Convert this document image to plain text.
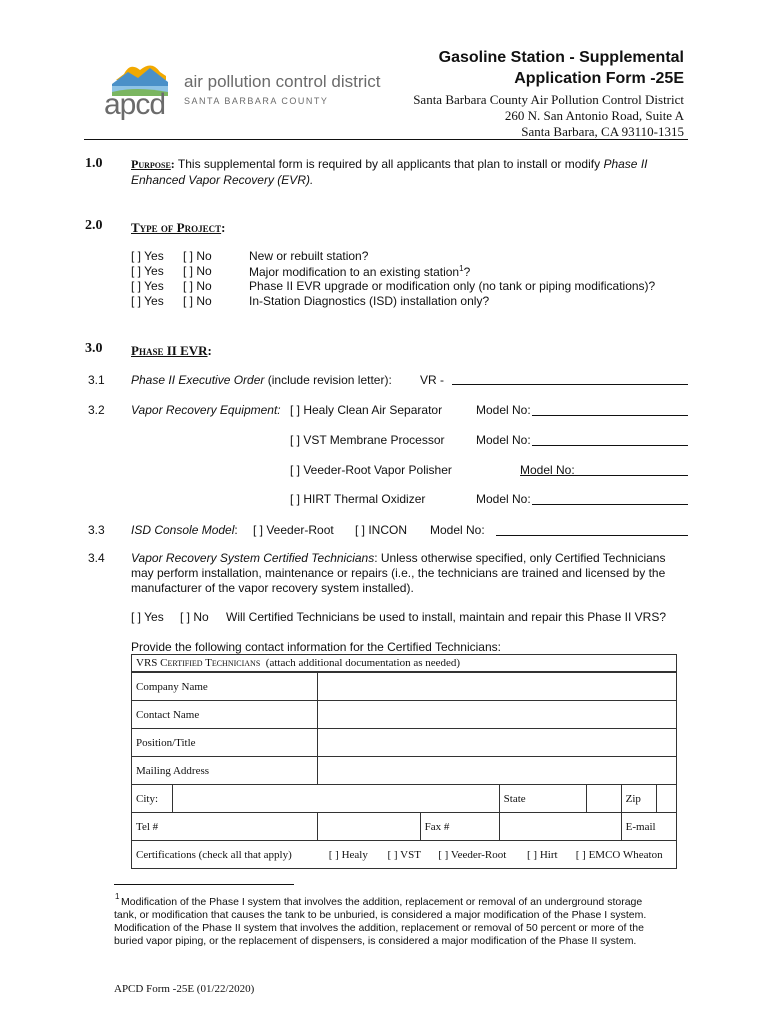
apcd
air pollution control district
SANTA BARBARA COUNTY
Gasoline Station - Supplemental
Application Form -25E
Santa Barbara County Air Pollution Control District
260 N. San Antonio Road, Suite A
Santa Barbara, CA 93110-1315
1.0 Purpose: This supplemental form is required by all applicants that plan to install or modify Phase II
Enhanced Vapor Recovery (EVR).
2.0 Type of Project:
[ ] Yes [ ] No	New or rebuilt station?
[ ] Yes [ ] No	Major modification to an existing station$^1$?
[ ] Yes [ ] No	Phase II EVR upgrade or modification only (no tank or piping modifications)?
[ ] Yes [ ] No	In-Station Diagnostics (ISD) installation only?
3.0 Phase II EVR:
3.1 Phase II Executive Order (include revision letter): VR -
3.2 Vapor Recovery Equipment: [ ] Healy Clean Air Separator	Model No:
[ ] VST Membrane Processor	Model No:
[ ] Veeder-Root Vapor Polisher	Model No:
[ ] HIRT Thermal Oxidizer	Model No:
3.3 ISD Console Model: [ ] Veeder-Root [ ] INCON Model No:
3.4 Vapor Recovery System Certified Technicians: Unless otherwise specified, only Certified Technicians
may perform installation, maintenance or repairs (i.e., the technicians are trained and licensed by the
manufacturer of the vapor recovery system installed).
[ ] Yes [ ] No Will Certified Technicians be used to install, maintain and repair this Phase II VRS?
Provide the following contact information for the Certified Technicians:
VRS Certified Technicians (attach additional documentation as needed)							
Company Name							
Contact Name							
Position/Title							
Mailing Address							
City:				State		Zip	
Tel #			Fax #			E-mail	
Certifications (check all that apply) [ ] Healy [ ] VST [ ] Veeder-Root [ ] Hirt [ ] EMCO Wheaton							
1 Modification of the Phase I system that involves the addition, replacement or removal of an underground storage
tank, or modification that causes the tank to be unburied, is considered a major modification of the Phase I system.
Modification of the Phase II system that involves the addition, replacement or removal of 50 percent or more of the
buried vapor piping, or the replacement of dispensers, is considered a major modification of the Phase II system.
APCD Form -25E (01/22/2020)
